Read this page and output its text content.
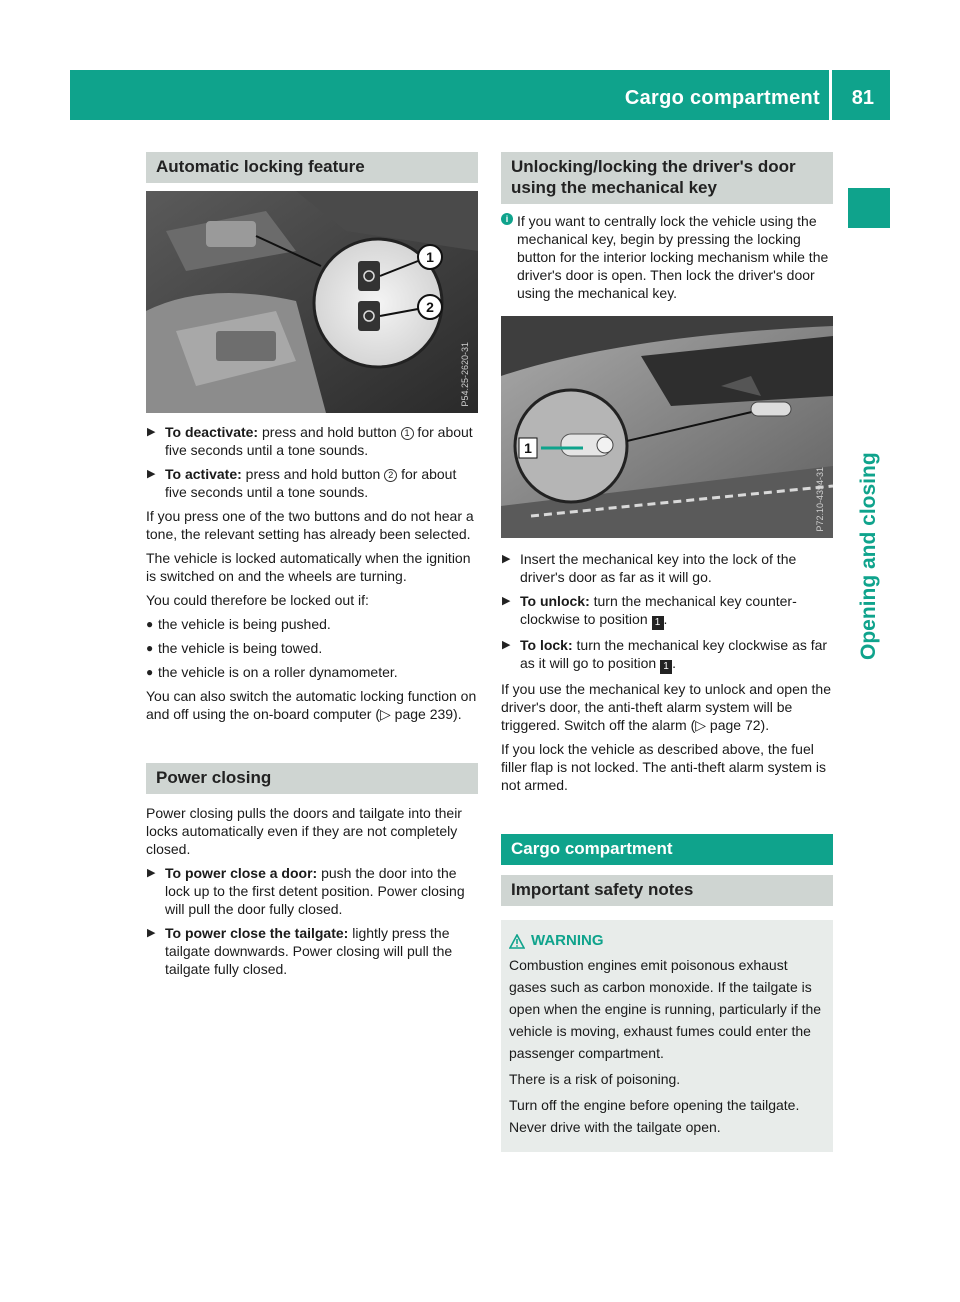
Cargo compartment 81
Opening and closing
Automatic locking feature
1
2
P54.25-2620-31
▶ To deactivate: press and hold button 1 for about five seconds until a tone sounds.
▶ To activate: press and hold button 2 for about five seconds until a tone sounds.

If you press one of the two buttons and do not hear a tone, the relevant setting has already been selected.

The vehicle is locked automatically when the ignition is switched on and the wheels are turning.

You could therefore be locked out if:

● the vehicle is being pushed.
● the vehicle is being towed.
● the vehicle is on a roller dynamometer.

You can also switch the automatic locking function on and off using the on-board computer (▷ page 239).

Power closing

Power closing pulls the doors and tailgate into their locks automatically even if they are not completely closed.

▶ To power close a door: push the door into the lock up to the first detent position. Power closing will pull the door fully closed.
▶ To power close the tailgate: lightly press the tailgate downwards. Power closing will pull the tailgate fully closed.
Unlocking/locking the driver's door using the mechanical key
i If you want to centrally lock the vehicle using the mechanical key, begin by pressing the locking button for the interior locking mechanism while the driver's door is open. Then lock the driver's door using the mechanical key.
1
P72.10-4394-31
▶ Insert the mechanical key into the lock of the driver's door as far as it will go.
▶ To unlock: turn the mechanical key counter-clockwise to position 1 .
▶ To lock: turn the mechanical key clockwise as far as it will go to position 1 .

If you use the mechanical key to unlock and open the driver's door, the anti-theft alarm system will be triggered. Switch off the alarm (▷ page 72).

If you lock the vehicle as described above, the fuel filler flap is not locked. The anti-theft alarm system is not armed.

Cargo compartment
Important safety notes
WARNING

Combustion engines emit poisonous exhaust gases such as carbon monoxide. If the tailgate is open when the engine is running, particularly if the vehicle is moving, exhaust fumes could enter the passenger compartment.

There is a risk of poisoning.

Turn off the engine before opening the tailgate. Never drive with the tailgate open.
